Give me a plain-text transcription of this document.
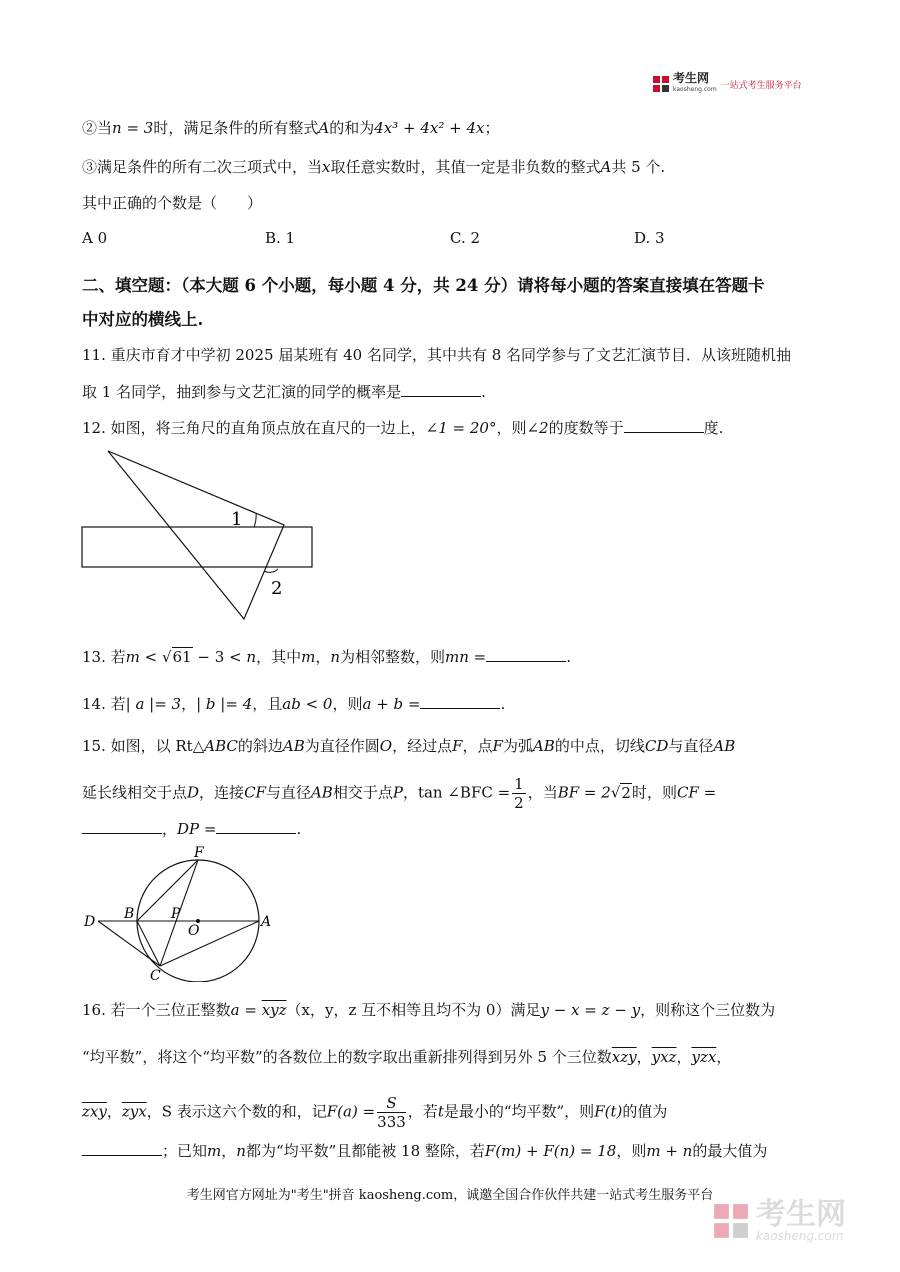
考生网
kaosheng.com 一站式考生服务平台
②当n = 3时，满足条件的所有整式A的和为4x³ + 4x² + 4x；
③满足条件的所有二次三项式中，当x取任意实数时，其值一定是非负数的整式A共 5 个.
其中正确的个数是（　　）
A 0	B. 1	C. 2	D. 3
二、填空题：（本大题 6 个小题，每小题 4 分，共 24 分）请将每小题的答案直接填在答题卡
中对应的横线上.
11. 重庆市育才中学初 2025 届某班有 40 名同学，其中共有 8 名同学参与了文艺汇演节目．从该班随机抽
取 1 名同学，抽到参与文艺汇演的同学的概率是	.
12. 如图，将三角尺的直角顶点放在直尺的一边上，∠1 = 20°，则∠2的度数等于	度.
1
2
13. 若m < √61 − 3 < n，其中m，n为相邻整数，则mn =	.
14. 若| a |= 3，| b |= 4，且ab < 0，则a + b =	.
15. 如图，以 Rt△ABC的斜边AB为直径作圆O，经过点F，点F为弧AB的中点，切线CD与直径AB
延长线相交于点D，连接CF与直径AB相交于点P，tan ∠BFC = $\frac{1}{2}$ ，当BF = 2√2时，则CF =
，DP =	.
F
B	P
O
A
D
C
16. 若一个三位正整数$a = \overline{xyz}(x$，y，z 互不相等且均不为 0）满足y − x = z − y，则称这个三位数为
“均平数”，将这个“均平数”的各数位上的数字取出重新排列得到另外 5 个三位数$\overline{xzy}$，$\overline{yxz}$，$\overline{yzx}$，
$\overline{zxy}$，$\overline{zyx}$，S 表示这六个数的和，记$F(a) = \frac{S}{333}$ ，若t是最小的“均平数”，则F(t)的值为
；已知m，n都为“均平数”且都能被 18 整除，若F(m) + F(n) = 18，则m + n的最大值为
考生网官方网址为"考生"拼音 kaosheng.com，诚邀全国合作伙伴共建一站式考生服务平台
考生网
kaosheng.com
